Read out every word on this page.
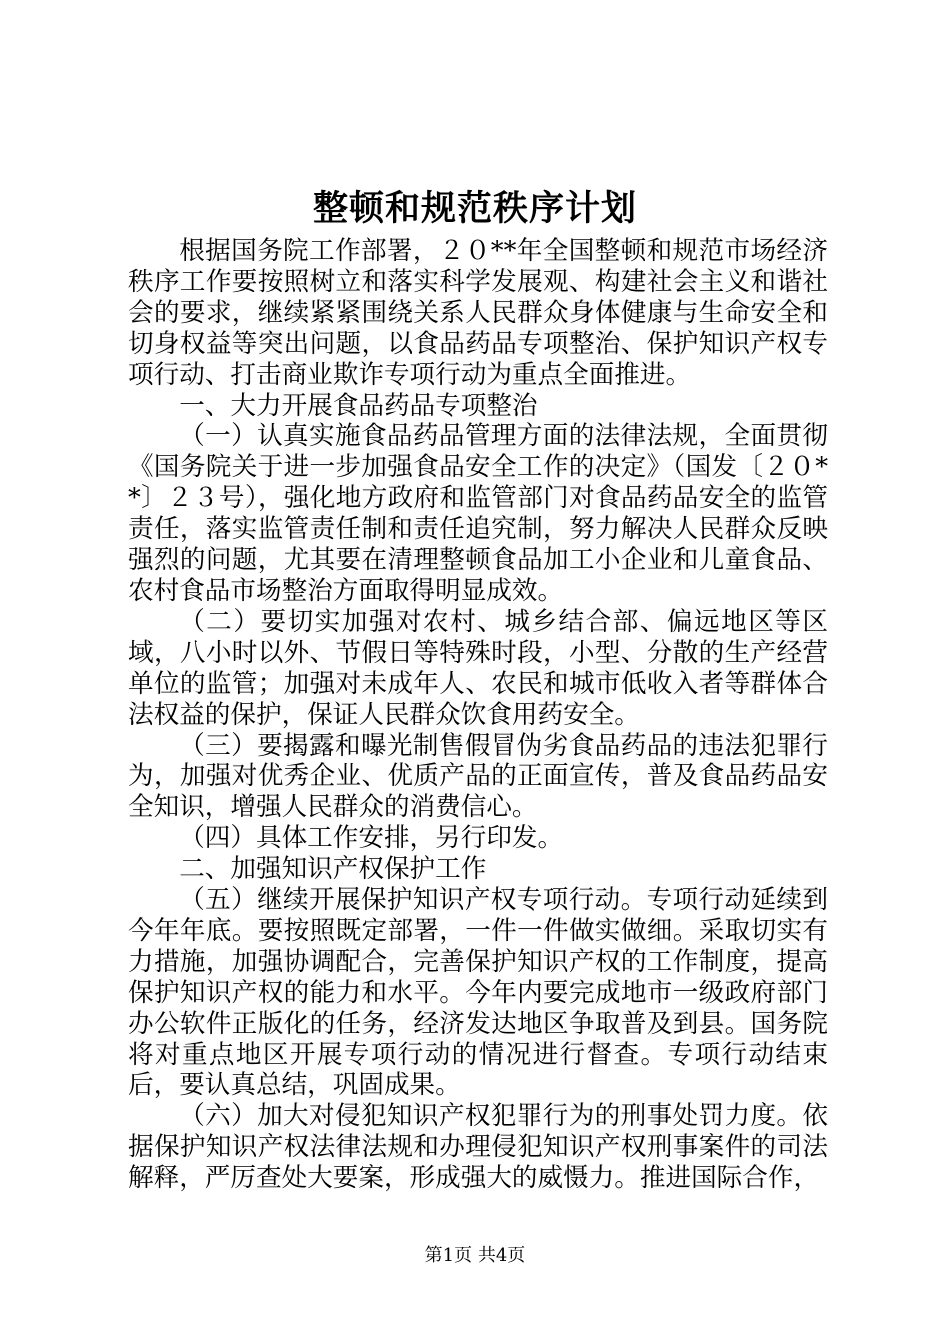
整顿和规范秩序计划

根据国务院工作部署，２０**年全国整顿和规范市场经济秩序工作要按照树立和落实科学发展观、构建社会主义和谐社会的要求，继续紧紧围绕关系人民群众身体健康与生命安全和切身权益等突出问题，以食品药品专项整治、保护知识产权专项行动、打击商业欺诈专项行动为重点全面推进。

一、大力开展食品药品专项整治

（一）认真实施食品药品管理方面的法律法规，全面贯彻《国务院关于进一步加强食品安全工作的决定》（国发〔２０**〕２３号），强化地方政府和监管部门对食品药品安全的监管责任，落实监管责任制和责任追究制，努力解决人民群众反映强烈的问题，尤其要在清理整顿食品加工小企业和儿童食品、农村食品市场整治方面取得明显成效。

（二）要切实加强对农村、城乡结合部、偏远地区等区域，八小时以外、节假日等特殊时段，小型、分散的生产经营单位的监管；加强对未成年人、农民和城市低收入者等群体合法权益的保护，保证人民群众饮食用药安全。

（三）要揭露和曝光制售假冒伪劣食品药品的违法犯罪行为，加强对优秀企业、优质产品的正面宣传，普及食品药品安全知识，增强人民群众的消费信心。

（四）具体工作安排，另行印发。

二、加强知识产权保护工作

（五）继续开展保护知识产权专项行动。专项行动延续到今年年底。要按照既定部署，一件一件做实做细。采取切实有力措施，加强协调配合，完善保护知识产权的工作制度，提高保护知识产权的能力和水平。今年内要完成地市一级政府部门办公软件正版化的任务，经济发达地区争取普及到县。国务院将对重点地区开展专项行动的情况进行督查。专项行动结束后，要认真总结，巩固成果。

（六）加大对侵犯知识产权犯罪行为的刑事处罚力度。依据保护知识产权法律法规和办理侵犯知识产权刑事案件的司法解释，严厉查处大要案，形成强大的威慑力。推进国际合作，

第1页 共4页
